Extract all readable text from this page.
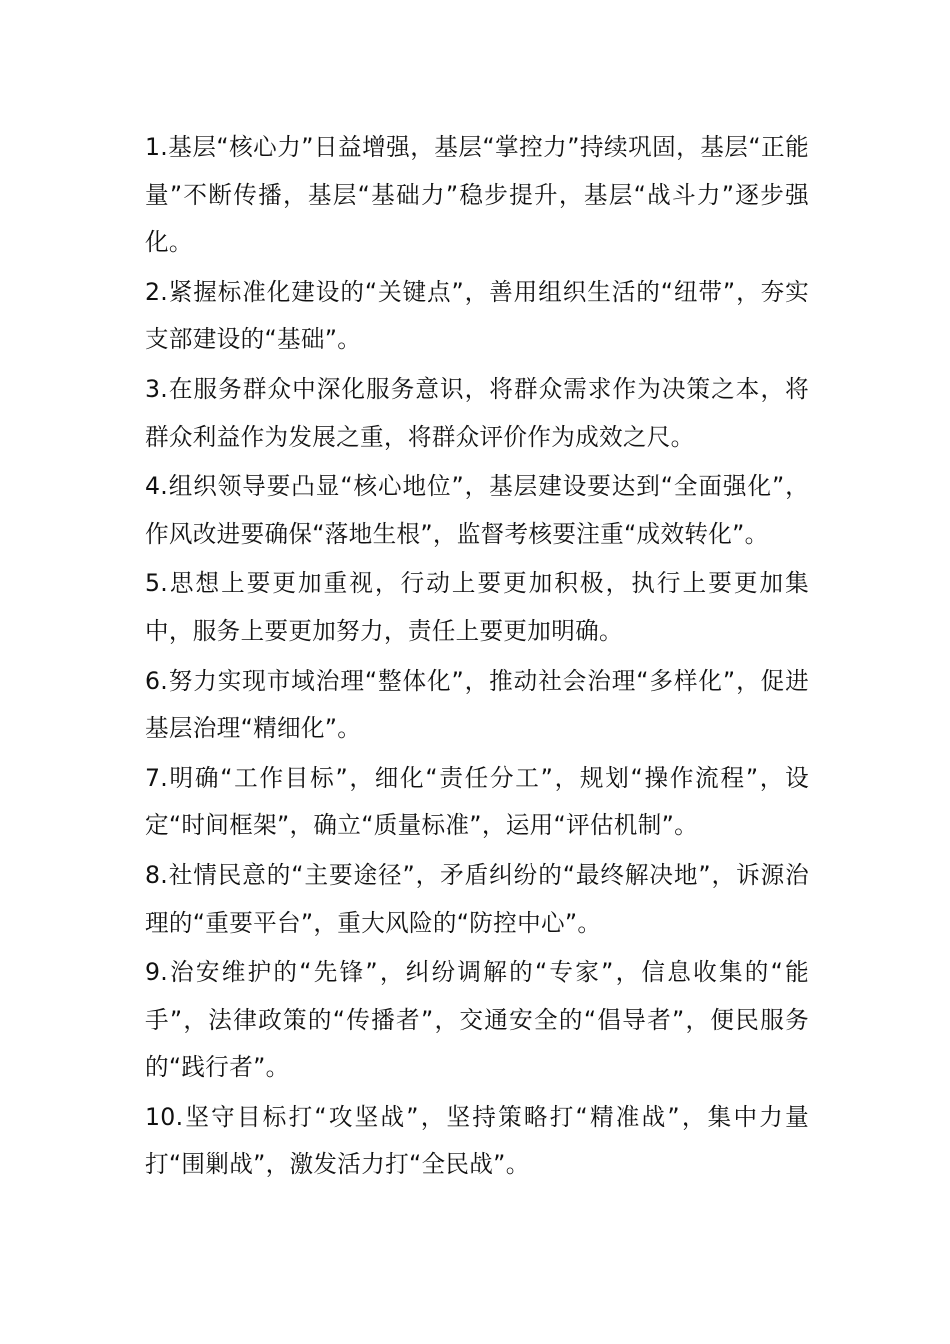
1.基层“核心力”日益增强，基层“掌控力”持续巩固，基层“正能量”不断传播，基层“基础力”稳步提升，基层“战斗力”逐步强化。

2.紧握标准化建设的“关键点”，善用组织生活的“纽带”，夯实支部建设的“基础”。

3.在服务群众中深化服务意识，将群众需求作为决策之本，将群众利益作为发展之重，将群众评价作为成效之尺。

4.组织领导要凸显“核心地位”，基层建设要达到“全面强化”，作风改进要确保“落地生根”，监督考核要注重“成效转化”。

5.思想上要更加重视，行动上要更加积极，执行上要更加集中，服务上要更加努力，责任上要更加明确。

6.努力实现市域治理“整体化”，推动社会治理“多样化”，促进基层治理“精细化”。

7.明确“工作目标”，细化“责任分工”，规划“操作流程”，设定“时间框架”，确立“质量标准”，运用“评估机制”。

8.社情民意的“主要途径”，矛盾纠纷的“最终解决地”，诉源治理的“重要平台”，重大风险的“防控中心”。

9.治安维护的“先锋”，纠纷调解的“专家”，信息收集的“能手”，法律政策的“传播者”，交通安全的“倡导者”，便民服务的“践行者”。

10.坚守目标打“攻坚战”，坚持策略打“精准战”，集中力量打“围剿战”，激发活力打“全民战”。
